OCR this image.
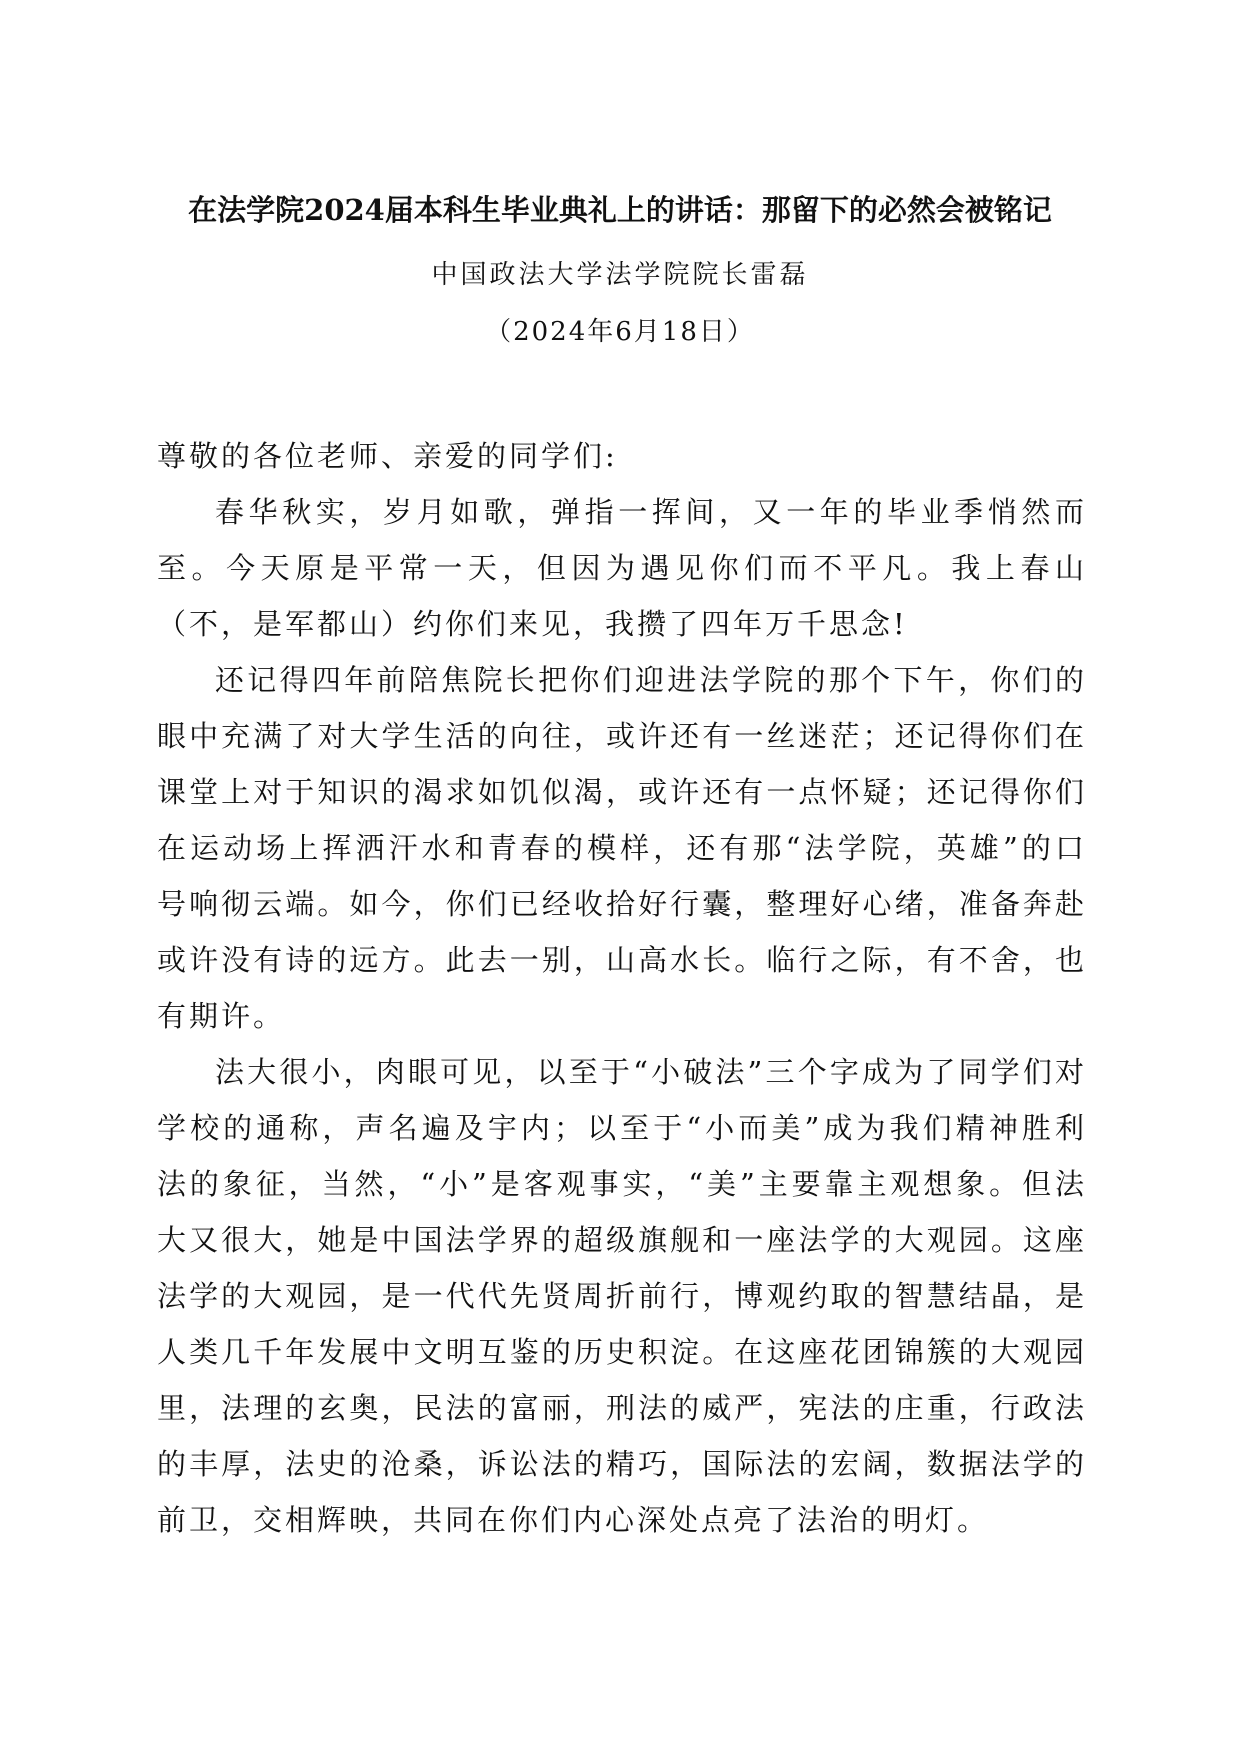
在法学院2024届本科生毕业典礼上的讲话：那留下的必然会被铭记
中国政法大学法学院院长雷磊
（2024年6月18日）

尊敬的各位老师、亲爱的同学们:

春华秋实，岁月如歌，弹指一挥间，又一年的毕业季悄然而至。今天原是平常一天，但因为遇见你们而不平凡。我上春山（不，是军都山）约你们来见，我攒了四年万千思念!

还记得四年前陪焦院长把你们迎进法学院的那个下午，你们的眼中充满了对大学生活的向往，或许还有一丝迷茫；还记得你们在课堂上对于知识的渴求如饥似渴，或许还有一点怀疑；还记得你们在运动场上挥洒汗水和青春的模样，还有那“法学院，英雄”的口号响彻云端。如今，你们已经收拾好行囊，整理好心绪，准备奔赴或许没有诗的远方。此去一别，山高水长。临行之际，有不舍，也有期许。

法大很小，肉眼可见，以至于“小破法”三个字成为了同学们对学校的通称，声名遍及宇内；以至于“小而美”成为我们精神胜利法的象征，当然，“小”是客观事实，“美”主要靠主观想象。但法大又很大，她是中国法学界的超级旗舰和一座法学的大观园。这座法学的大观园，是一代代先贤周折前行，博观约取的智慧结晶，是人类几千年发展中文明互鉴的历史积淀。在这座花团锦簇的大观园里，法理的玄奥，民法的富丽，刑法的威严，宪法的庄重，行政法的丰厚，法史的沧桑，诉讼法的精巧，国际法的宏阔，数据法学的前卫，交相辉映，共同在你们内心深处点亮了法治的明灯。
